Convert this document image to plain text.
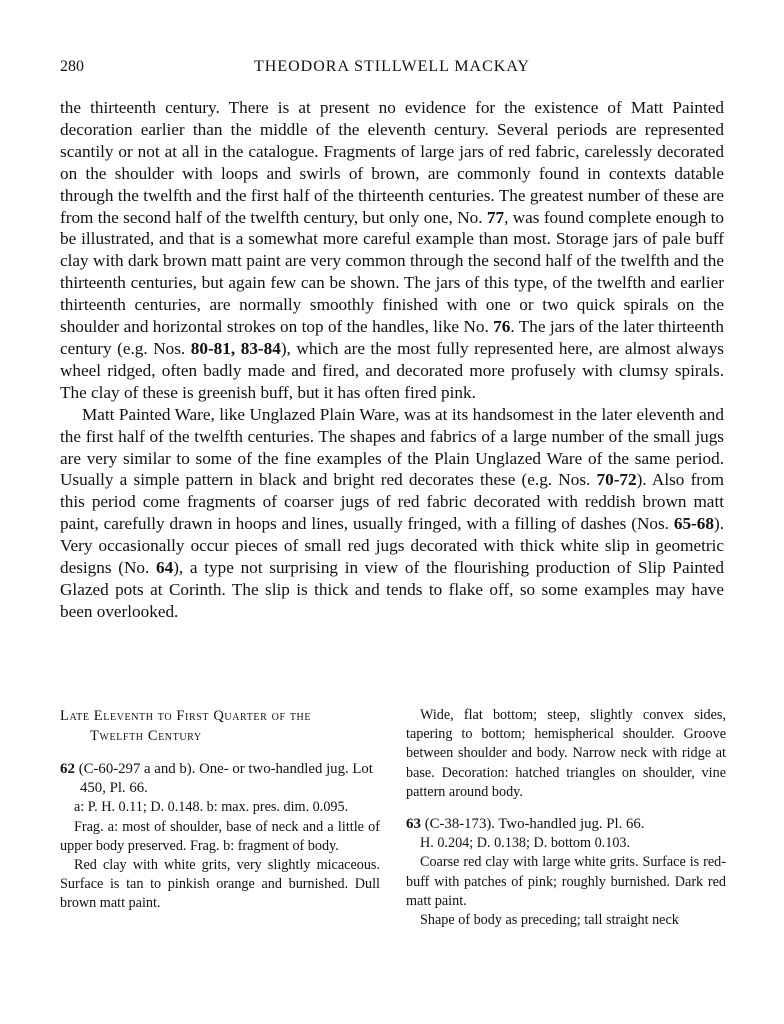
280	THEODORA STILLWELL MACKAY

the thirteenth century. There is at present no evidence for the existence of Matt Painted decoration earlier than the middle of the eleventh century. Several periods are represented scantily or not at all in the catalogue. Fragments of large jars of red fabric, carelessly decorated on the shoulder with loops and swirls of brown, are commonly found in contexts datable through the twelfth and the first half of the thirteenth centuries. The greatest number of these are from the second half of the twelfth century, but only one, No. 77, was found complete enough to be illustrated, and that is a somewhat more careful example than most. Storage jars of pale buff clay with dark brown matt paint are very common through the second half of the twelfth and the thirteenth centuries, but again few can be shown. The jars of this type, of the twelfth and earlier thirteenth centuries, are normally smoothly finished with one or two quick spirals on the shoulder and horizontal strokes on top of the handles, like No. 76. The jars of the later thirteenth century (e.g. Nos. 80-81, 83-84), which are the most fully represented here, are almost always wheel ridged, often badly made and fired, and decorated more profusely with clumsy spirals. The clay of these is greenish buff, but it has often fired pink.

Matt Painted Ware, like Unglazed Plain Ware, was at its handsomest in the later eleventh and the first half of the twelfth centuries. The shapes and fabrics of a large number of the small jugs are very similar to some of the fine examples of the Plain Unglazed Ware of the same period. Usually a simple pattern in black and bright red decorates these (e.g. Nos. 70-72). Also from this period come fragments of coarser jugs of red fabric decorated with reddish brown matt paint, carefully drawn in hoops and lines, usually fringed, with a filling of dashes (Nos. 65-68). Very occasionally occur pieces of small red jugs decorated with thick white slip in geometric designs (No. 64), a type not surprising in view of the flourishing production of Slip Painted Glazed pots at Corinth. The slip is thick and tends to flake off, so some examples may have been overlooked.

Late Eleventh to First Quarter of the
Twelfth Century

62 (C-60-297 a and b). One- or two-handled jug. Lot 450, Pl. 66.

a: P. H. 0.11; D. 0.148. b: max. pres. dim. 0.095.

Frag. a: most of shoulder, base of neck and a little of upper body preserved. Frag. b: fragment of body.

Red clay with white grits, very slightly micaceous. Surface is tan to pinkish orange and burnished. Dull brown matt paint.

Wide, flat bottom; steep, slightly convex sides, tapering to bottom; hemispherical shoulder. Groove between shoulder and body. Narrow neck with ridge at base. Decoration: hatched triangles on shoulder, vine pattern around body.

63 (C-38-173). Two-handled jug. Pl. 66.

H. 0.204; D. 0.138; D. bottom 0.103.

Coarse red clay with large white grits. Surface is red-buff with patches of pink; roughly burnished. Dark red matt paint.

Shape of body as preceding; tall straight neck
